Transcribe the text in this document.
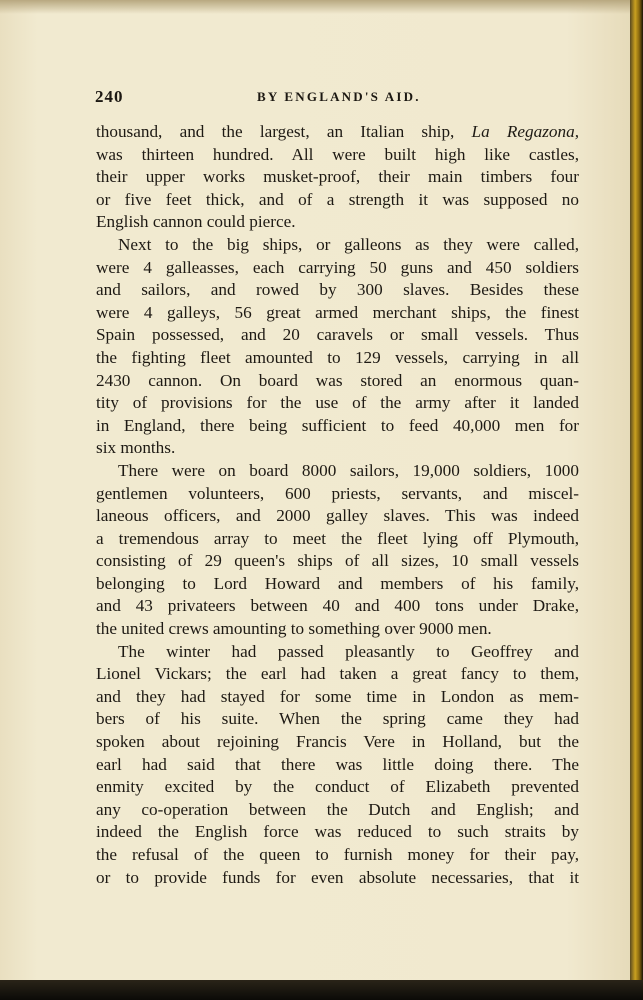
240	BY ENGLAND'S AID.
thousand, and the largest, an Italian ship, La Regazona,
was thirteen hundred. All were built high like castles,
their upper works musket-proof, their main timbers four
or five feet thick, and of a strength it was supposed no
English cannon could pierce.
Next to the big ships, or galleons as they were called,
were 4 galleasses, each carrying 50 guns and 450 soldiers
and sailors, and rowed by 300 slaves. Besides these
were 4 galleys, 56 great armed merchant ships, the finest
Spain possessed, and 20 caravels or small vessels. Thus
the fighting fleet amounted to 129 vessels, carrying in all
2430 cannon. On board was stored an enormous quan-
tity of provisions for the use of the army after it landed
in England, there being sufficient to feed 40,000 men for
six months.
There were on board 8000 sailors, 19,000 soldiers, 1000
gentlemen volunteers, 600 priests, servants, and miscel-
laneous officers, and 2000 galley slaves. This was indeed
a tremendous array to meet the fleet lying off Plymouth,
consisting of 29 queen's ships of all sizes, 10 small vessels
belonging to Lord Howard and members of his family,
and 43 privateers between 40 and 400 tons under Drake,
the united crews amounting to something over 9000 men.
The winter had passed pleasantly to Geoffrey and
Lionel Vickars; the earl had taken a great fancy to them,
and they had stayed for some time in London as mem-
bers of his suite. When the spring came they had
spoken about rejoining Francis Vere in Holland, but the
earl had said that there was little doing there. The
enmity excited by the conduct of Elizabeth prevented
any co-operation between the Dutch and English; and
indeed the English force was reduced to such straits by
the refusal of the queen to furnish money for their pay,
or to provide funds for even absolute necessaries, that it
